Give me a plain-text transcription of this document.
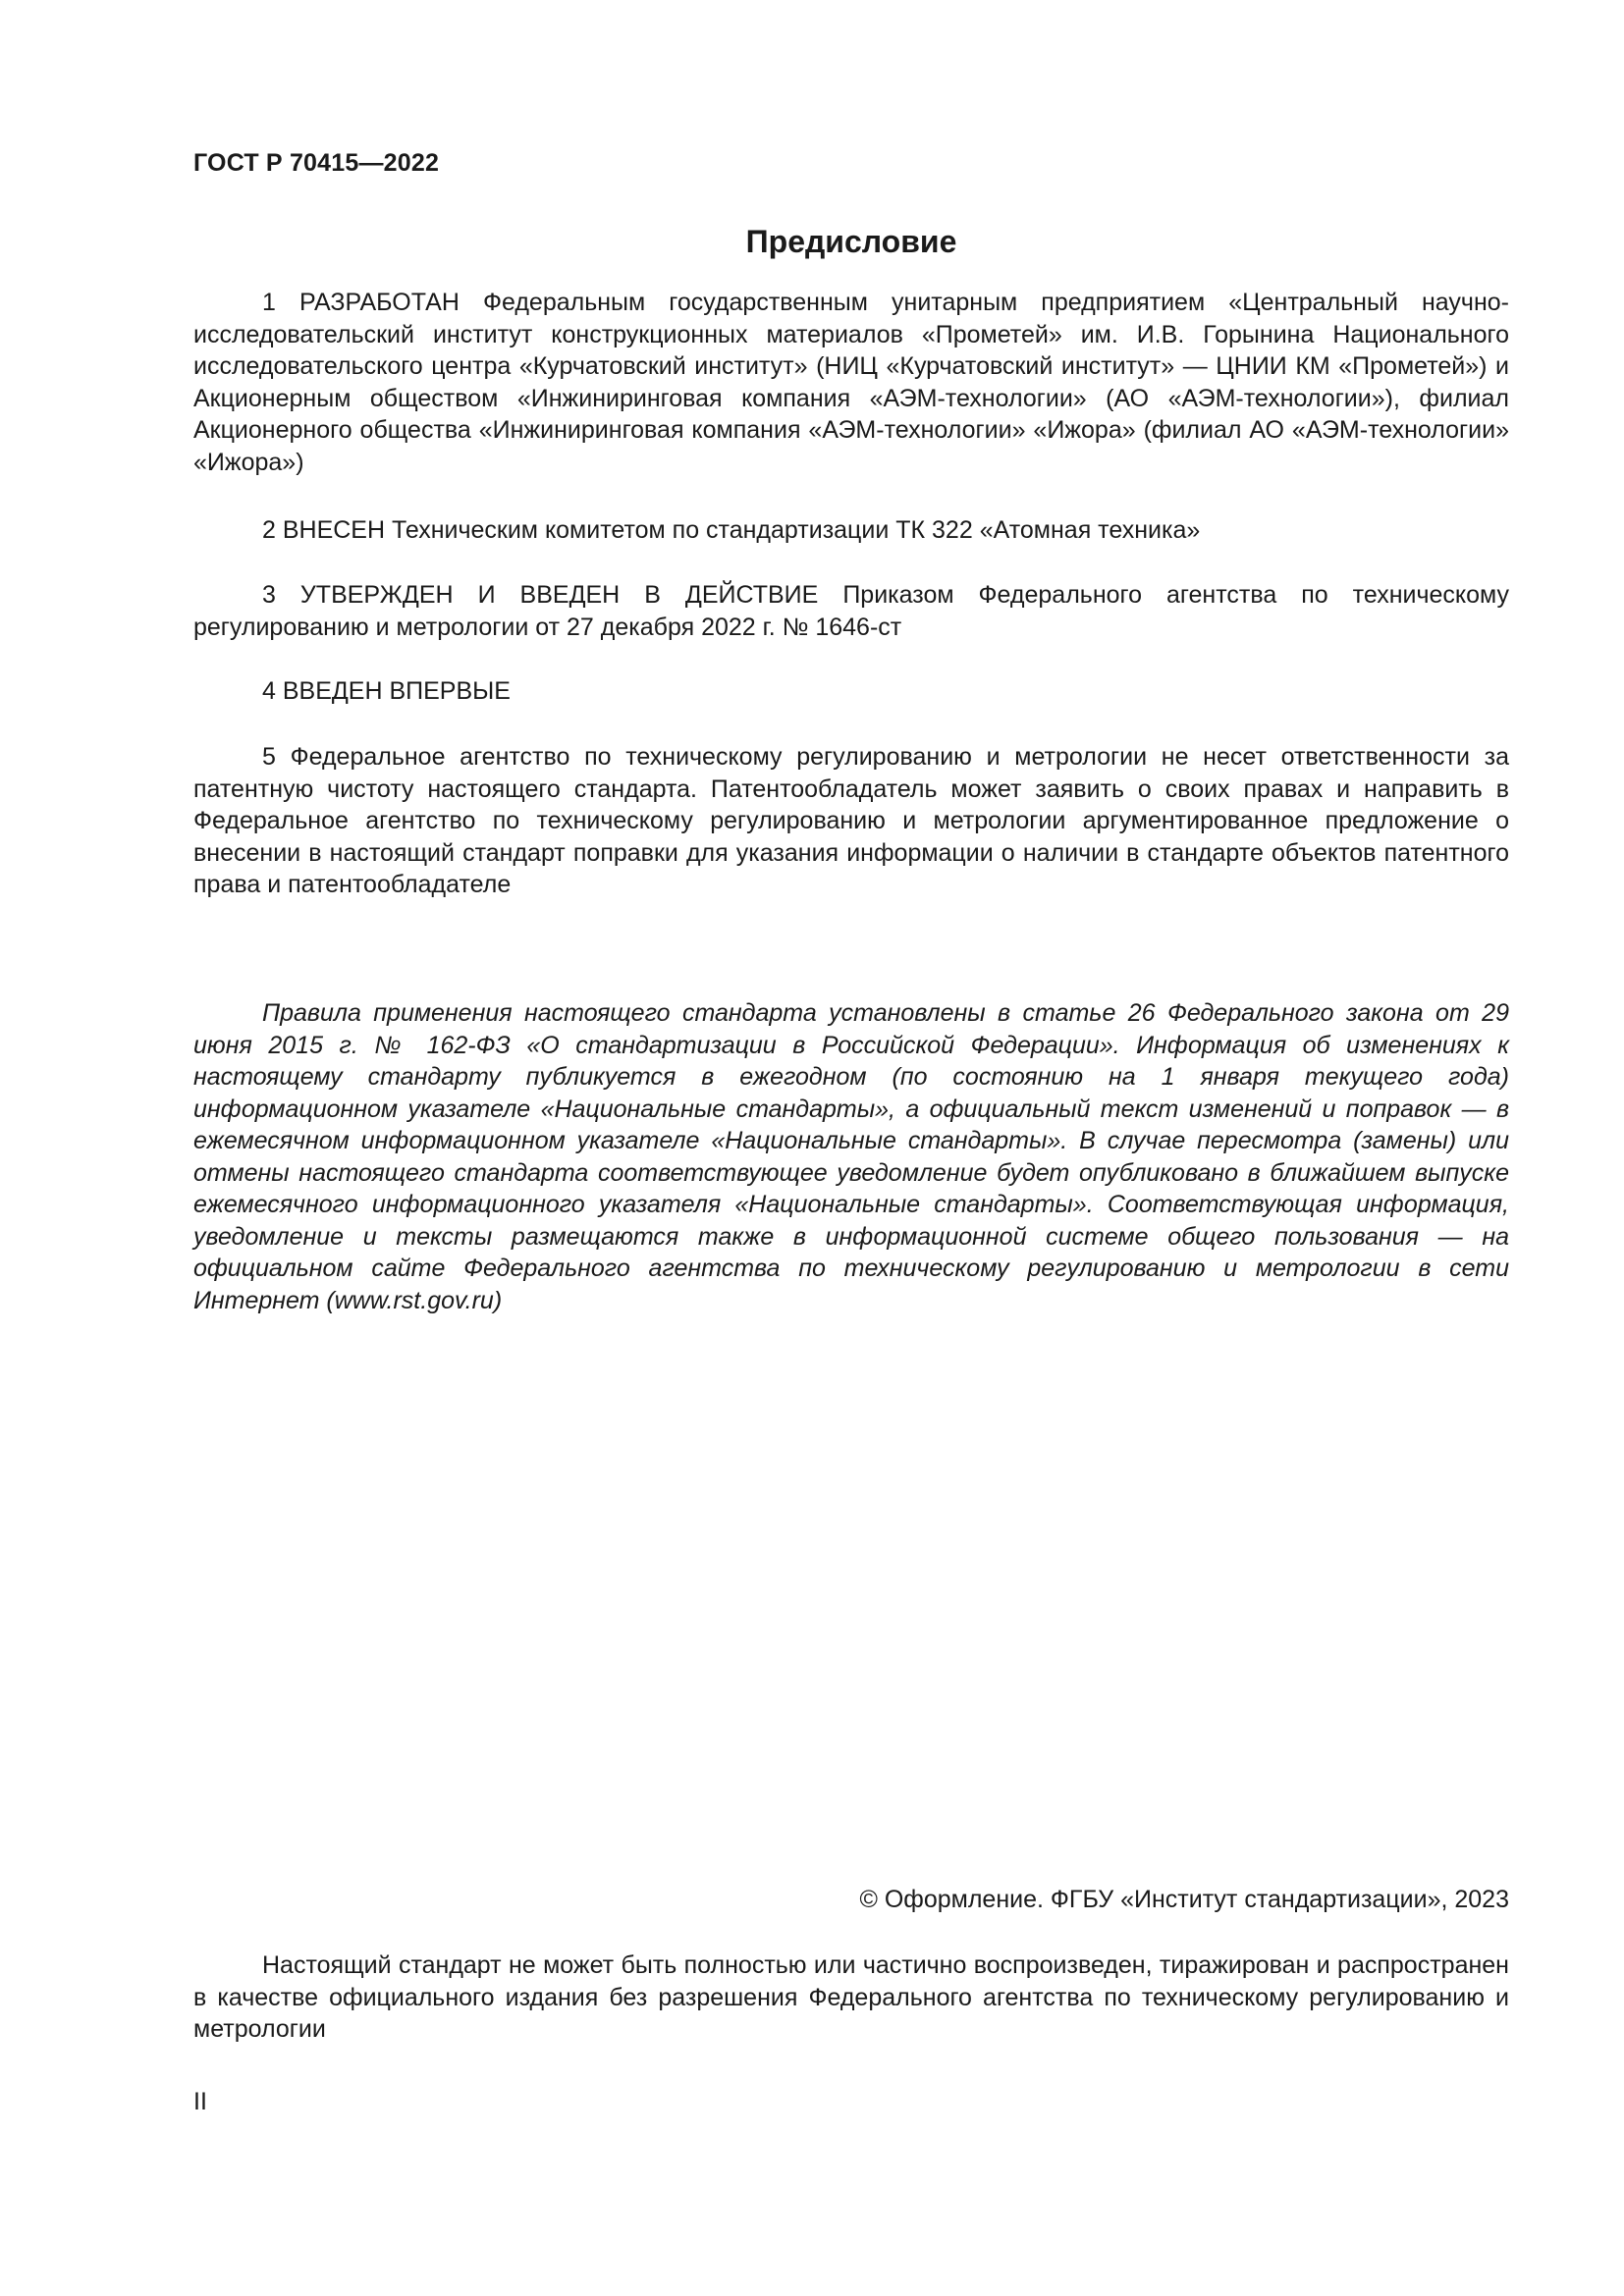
ГОСТ Р 70415—2022
Предисловие

1 РАЗРАБОТАН Федеральным государственным унитарным предприятием «Центральный научно-исследовательский институт конструкционных материалов «Прометей» им. И.В. Горынина Национального исследовательского центра «Курчатовский институт» (НИЦ «Курчатовский институт» — ЦНИИ КМ «Прометей») и Акционерным обществом «Инжиниринговая компания «АЭМ-технологии» (АО «АЭМ-технологии»), филиал Акционерного общества «Инжиниринговая компания «АЭМ-технологии» «Ижора» (филиал АО «АЭМ-технологии» «Ижора»)

2 ВНЕСЕН Техническим комитетом по стандартизации ТК 322 «Атомная техника»

3 УТВЕРЖДЕН И ВВЕДЕН В ДЕЙСТВИЕ Приказом Федерального агентства по техническому регулированию и метрологии от 27 декабря 2022 г. № 1646-ст

4 ВВЕДЕН ВПЕРВЫЕ

5 Федеральное агентство по техническому регулированию и метрологии не несет ответственности за патентную чистоту настоящего стандарта. Патентообладатель может заявить о своих правах и направить в Федеральное агентство по техническому регулированию и метрологии аргументированное предложение о внесении в настоящий стандарт поправки для указания информации о наличии в стандарте объектов патентного права и патентообладателе

Правила применения настоящего стандарта установлены в статье 26 Федерального закона от 29 июня 2015 г. № 162-ФЗ «О стандартизации в Российской Федерации». Информация об изменениях к настоящему стандарту публикуется в ежегодном (по состоянию на 1 января текущего года) информационном указателе «Национальные стандарты», а официальный текст изменений и поправок — в ежемесячном информационном указателе «Национальные стандарты». В случае пересмотра (замены) или отмены настоящего стандарта соответствующее уведомление будет опубликовано в ближайшем выпуске ежемесячного информационного указателя «Национальные стандарты». Соответствующая информация, уведомление и тексты размещаются также в информационной системе общего пользования — на официальном сайте Федерального агентства по техническому регулированию и метрологии в сети Интернет (www.rst.gov.ru)

© Оформление. ФГБУ «Институт стандартизации», 2023

Настоящий стандарт не может быть полностью или частично воспроизведен, тиражирован и распространен в качестве официального издания без разрешения Федерального агентства по техническому регулированию и метрологии

II
